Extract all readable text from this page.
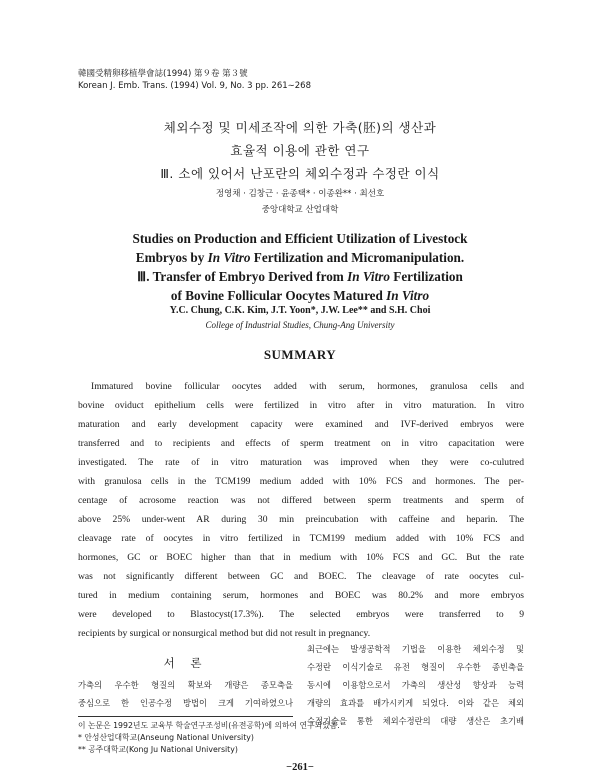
韓國受精卵移植學會誌(1994) 第９卷 第３號
Korean J. Emb. Trans. (1994) Vol. 9, No. 3 pp. 261∼268
체외수정 및 미세조작에 의한 가축(胚)의 생산과
효율적 이용에 관한 연구
Ⅲ. 소에 있어서 난포란의 체외수정과 수정란 이식
정영채 · 김창근 · 윤종택* · 이종완** · 최선호
중앙대학교 산업대학
Studies on Production and Efficient Utilization of Livestock
Embryos by In Vitro Fertilization and Micromanipulation.
Ⅲ. Transfer of Embryo Derived from In Vitro Fertilization
of Bovine Follicular Oocytes Matured In Vitro
Y.C. Chung, C.K. Kim, J.T. Yoon*, J.W. Lee** and S.H. Choi
College of Industrial Studies, Chung-Ang University
SUMMARY
Immatured bovine follicular oocytes added with serum, hormones, granulosa cells and
bovine oviduct epithelium cells were fertilized in vitro after in vitro maturation. In vitro
maturation and early development capacity were examined and IVF-derived embryos were
transferred and to recipients and effects of sperm treatment on in vitro capacitation were
investigated. The rate of in vitro maturation was improved when they were co-culutred
with granulosa cells in the TCM199 medium added with 10% FCS and hormones. The per-
centage of acrosome reaction was not differed between sperm treatments and sperm of
above 25% under-went AR during 30 min preincubation with caffeine and heparin. The
cleavage rate of oocytes in vitro fertilized in TCM199 medium added with 10% FCS and
hormones, GC or BOEC higher than that in medium with 10% FCS and GC. But the rate
was not significantly different between GC and BOEC. The cleavage of rate oocytes cul-
tured in medium containing serum, hormones and BOEC was 80.2% and more embryos
were developed to Blastocyst(17.3%). The selected embryos were transferred to 9
recipients by surgical or nonsurgical method but did not result in pregnancy.
서 론
가축의 우수한 형질의 확보와 개량은 종모축을
중심으로 한 인공수정 방법이 크게 기여하였으나
최근에는 발생공학적 기법을 이용한 체외수정 및
수정란 이식기술로 유전 형질이 우수한 종빈축을
동시에 이용함으로서 가축의 생산성 향상과 능력
개량의 효과를 배가시키게 되었다. 이와 같은 체외
수정기술을 통한 체외수정란의 대량 생산은 초기배
이 논문은 1992년도 교육부 학술연구조성비(유전공학)에 의하여 연구되었음.
* 안성산업대학교(Anseung National University)
** 공주대학교(Kong Ju National University)
−261−
